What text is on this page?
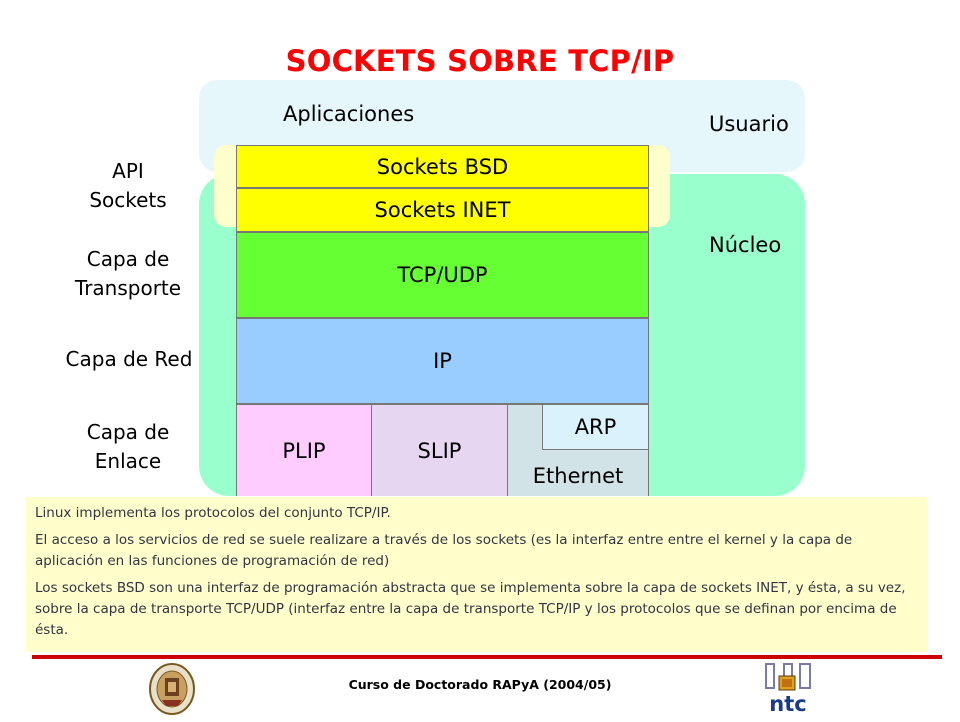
SOCKETS SOBRE TCP/IP
Aplicaciones	Usuario
Núcleo
Sockets BSD
Sockets INET
TCP/UDP
IP
PLIP	SLIP
Ethernet
ARP
API
Sockets
Capa de
Transporte
Capa de Red
Capa de
Enlace

Linux implementa los protocolos del conjunto TCP/IP.

El acceso a los servicios de red se suele realizare a través de los sockets (es la interfaz entre entre el kernel y la capa de aplicación en las funciones de programación de red)

Los sockets BSD son una interfaz de programación abstracta que se implementa sobre la capa de sockets INET, y ésta, a su vez, sobre la capa de transporte TCP/UDP (interfaz entre la capa de transporte TCP/IP y los protocolos que se definan por encima de ésta.

Curso de Doctorado RAPyA (2004/05)
ntc
